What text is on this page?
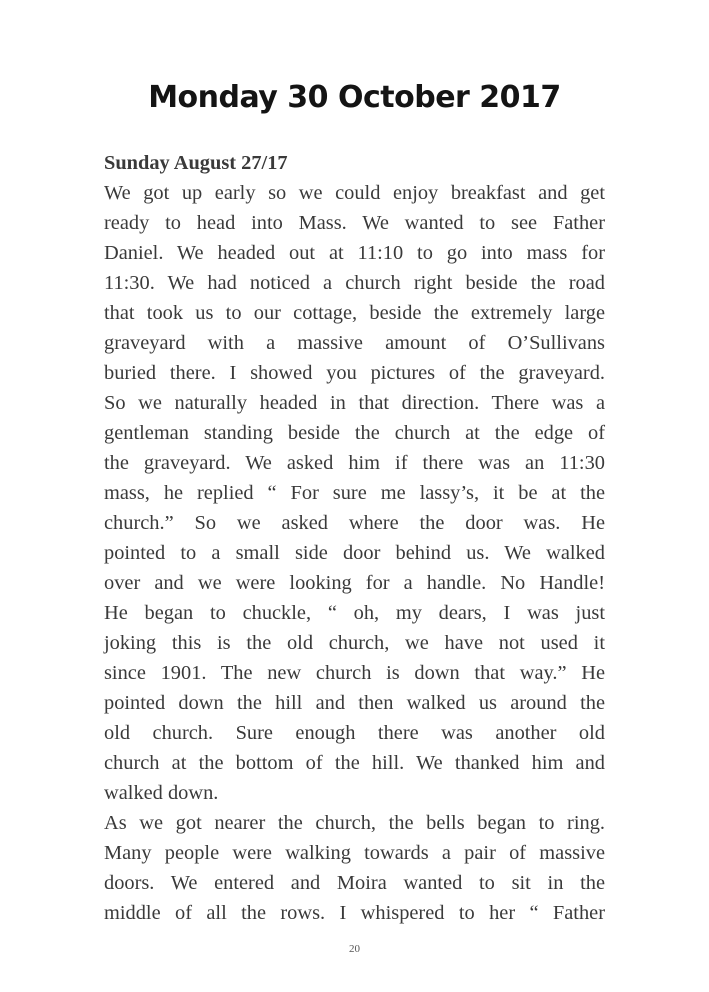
Monday 30 October 2017
Sunday August 27/17
We got up early so we could enjoy breakfast and get
ready to head into Mass. We wanted to see Father
Daniel. We headed out at 11:10 to go into mass for
11:30. We had noticed a church right beside the road
that took us to our cottage, beside the extremely large
graveyard with a massive amount of O’Sullivans
buried there. I showed you pictures of the graveyard.
So we naturally headed in that direction. There was a
gentleman standing beside the church at the edge of
the graveyard. We asked him if there was an 11:30
mass, he replied “ For sure me lassy’s, it be at the
church.” So we asked where the door was. He
pointed to a small side door behind us. We walked
over and we were looking for a handle. No Handle!
He began to chuckle, “ oh, my dears, I was just
joking this is the old church, we have not used it
since 1901. The new church is down that way.” He
pointed down the hill and then walked us around the
old church. Sure enough there was another old
church at the bottom of the hill. We thanked him and
walked down.
As we got nearer the church, the bells began to ring.
Many people were walking towards a pair of massive
doors. We entered and Moira wanted to sit in the
middle of all the rows. I whispered to her “ Father
20
